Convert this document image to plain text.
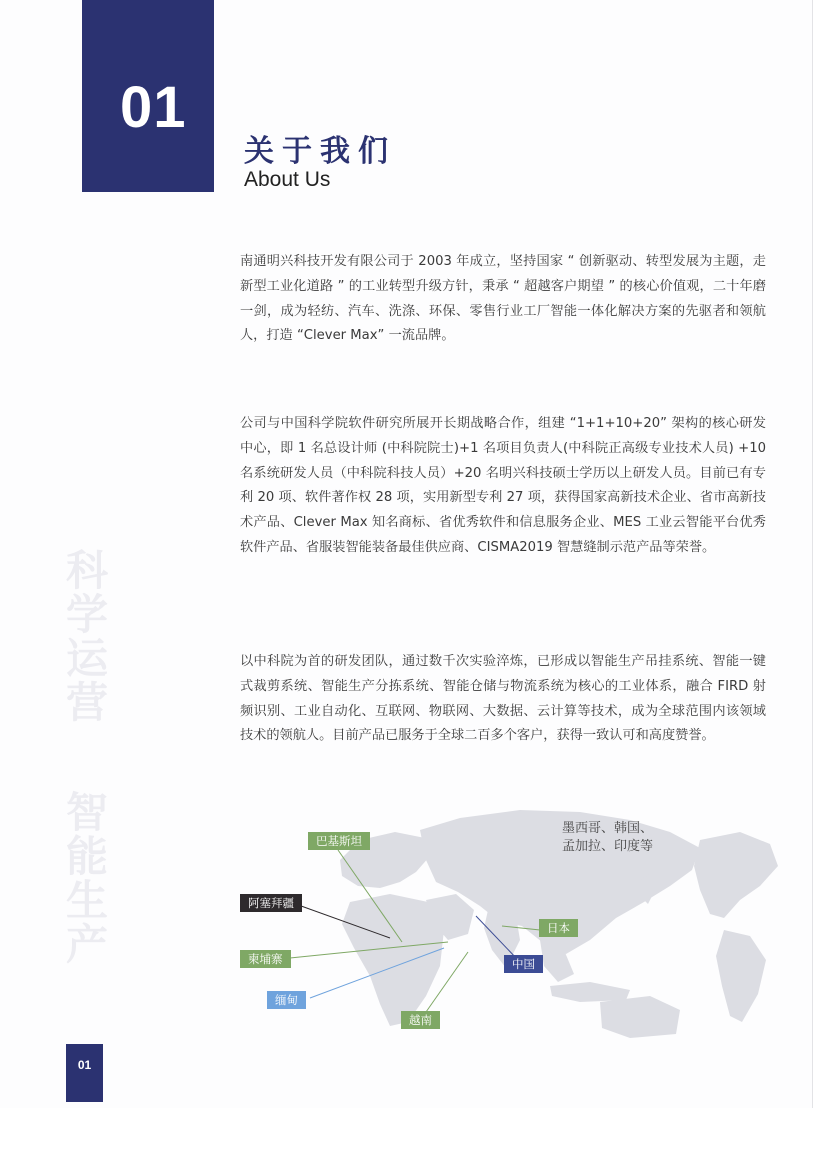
01
关于我们
About Us
科学运营
智能生产

南通明兴科技开发有限公司于 2003 年成立，坚持国家 “ 创新驱动、转型发展为主题，走新型工业化道路 ” 的工业转型升级方针，秉承 “ 超越客户期望 ” 的核心价值观，二十年磨一剑，成为轻纺、汽车、洗涤、环保、零售行业工厂智能一体化解决方案的先驱者和领航人，打造 “Clever Max” 一流品牌。

公司与中国科学院软件研究所展开长期战略合作，组建 “1+1+10+20” 架构的核心研发中心，即 1 名总设计师 (中科院院士)+1 名项目负责人(中科院正高级专业技术人员) +10 名系统研发人员（中科院科技人员）+20 名明兴科技硕士学历以上研发人员。目前已有专利 20 项、软件著作权 28 项，实用新型专利 27 项，获得国家高新技术企业、省市高新技术产品、Clever Max 知名商标、省优秀软件和信息服务企业、MES 工业云智能平台优秀软件产品、省服装智能装备最佳供应商、CISMA2019 智慧缝制示范产品等荣誉。

以中科院为首的研发团队，通过数千次实验淬炼，已形成以智能生产吊挂系统、智能一键式裁剪系统、智能生产分拣系统、智能仓储与物流系统为核心的工业体系，融合 FIRD 射频识别、工业自动化、互联网、物联网、大数据、云计算等技术，成为全球范围内该领域技术的领航人。目前产品已服务于全球二百多个客户，获得一致认可和高度赞誉。

巴基斯坦
阿塞拜疆
柬埔寨
缅甸
越南
中国
日本
墨西哥、韩国、
孟加拉、印度等
01
